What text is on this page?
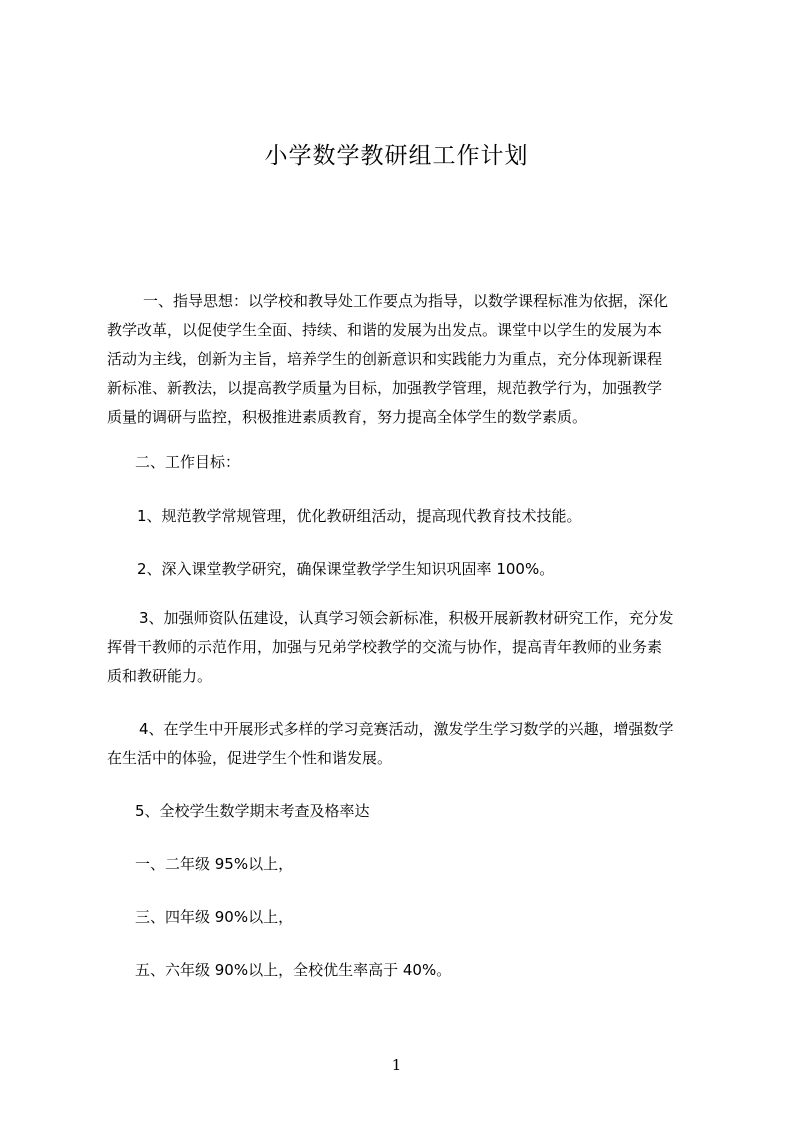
小学数学教研组工作计划

一、指导思想：以学校和教导处工作要点为指导，以数学课程标准为依据，深化
教学改革，以促使学生全面、持续、和谐的发展为出发点。课堂中以学生的发展为本
活动为主线，创新为主旨，培养学生的创新意识和实践能力为重点，充分体现新课程
新标准、新教法，以提高教学质量为目标，加强教学管理，规范教学行为，加强教学
质量的调研与监控，积极推进素质教育，努力提高全体学生的数学素质。

二、工作目标：

1、规范教学常规管理，优化教研组活动，提高现代教育技术技能。

2、深入课堂教学研究，确保课堂教学学生知识巩固率 100%。

3、加强师资队伍建设，认真学习领会新标准，积极开展新教材研究工作，充分发
挥骨干教师的示范作用，加强与兄弟学校教学的交流与协作，提高青年教师的业务素
质和教研能力。

4、在学生中开展形式多样的学习竞赛活动，激发学生学习数学的兴趣，增强数学
在生活中的体验，促进学生个性和谐发展。

5、全校学生数学期末考查及格率达

一、二年级 95%以上，

三、四年级 90%以上，

五、六年级 90%以上，全校优生率高于 40%。

1
